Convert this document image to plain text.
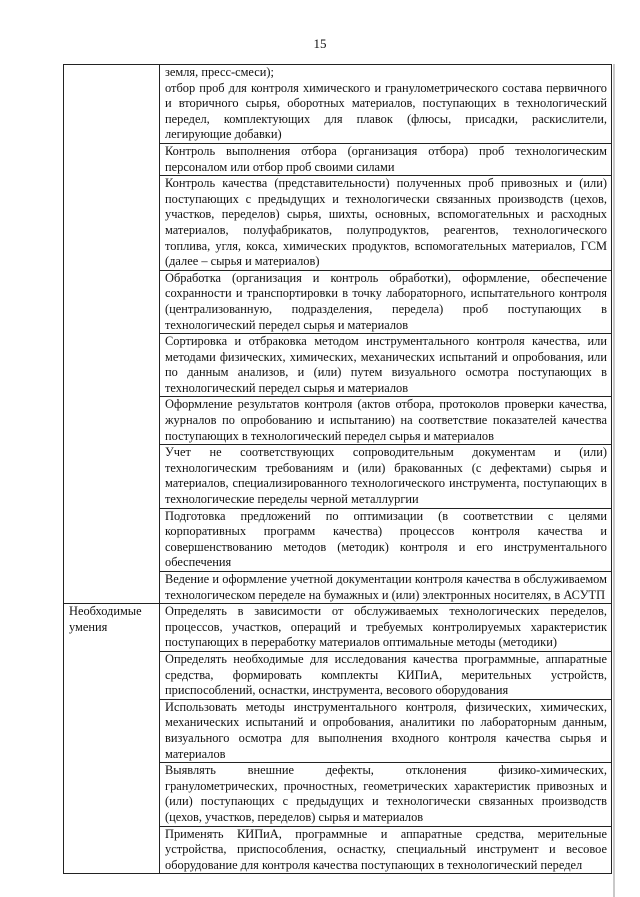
15
	земля, пресс-смеси);
отбор проб для контроля химического и гранулометрического состава первичного и вторичного сырья, оборотных материалов, поступающих в технологический передел, комплектующих для плавок (флюсы, присадки, раскислители, легирующие добавки)
	Контроль выполнения отбора (организация отбора) проб технологическим персоналом или отбор проб своими силами
	Контроль качества (представительности) полученных проб привозных и (или) поступающих с предыдущих и технологически связанных производств (цехов, участков, переделов) сырья, шихты, основных, вспомогательных и расходных материалов, полуфабрикатов, полупродуктов, реагентов, технологического топлива, угля, кокса, химических продуктов, вспомогательных материалов, ГСМ (далее – сырья и материалов)
	Обработка (организация и контроль обработки), оформление, обеспечение сохранности и транспортировки в точку лабораторного, испытательного контроля (централизованную, подразделения, передела) проб поступающих в технологический передел сырья и материалов
	Сортировка и отбраковка методом инструментального контроля качества, или методами физических, химических, механических испытаний и опробования, или по данным анализов, и (или) путем визуального осмотра поступающих в технологический передел сырья и материалов
	Оформление результатов контроля (актов отбора, протоколов проверки качества, журналов по опробованию и испытанию) на соответствие показателей качества поступающих в технологический передел сырья и материалов
	Учет не соответствующих сопроводительным документам и (или) технологическим требованиям и (или) бракованных (с дефектами) сырья и материалов, специализированного технологического инструмента, поступающих в технологические переделы черной металлургии
	Подготовка предложений по оптимизации (в соответствии с целями корпоративных программ качества) процессов контроля качества и совершенствованию методов (методик) контроля и его инструментального обеспечения
	Ведение и оформление учетной документации контроля качества в обслуживаемом технологическом переделе на бумажных и (или) электронных носителях, в АСУТП
Необходимые умения	Определять в зависимости от обслуживаемых технологических переделов, процессов, участков, операций и требуемых контролируемых характеристик поступающих в переработку материалов оптимальные методы (методики)
	Определять необходимые для исследования качества программные, аппаратные средства, формировать комплекты КИПиА, мерительных устройств, приспособлений, оснастки, инструмента, весового оборудования
	Использовать методы инструментального контроля, физических, химических, механических испытаний и опробования, аналитики по лабораторным данным, визуального осмотра для выполнения входного контроля качества сырья и материалов
	Выявлять внешние дефекты, отклонения физико-химических, гранулометрических, прочностных, геометрических характеристик привозных и (или) поступающих с предыдущих и технологически связанных производств (цехов, участков, переделов) сырья и материалов
	Применять КИПиА, программные и аппаратные средства, мерительные устройства, приспособления, оснастку, специальный инструмент и весовое оборудование для контроля качества поступающих в технологический передел
